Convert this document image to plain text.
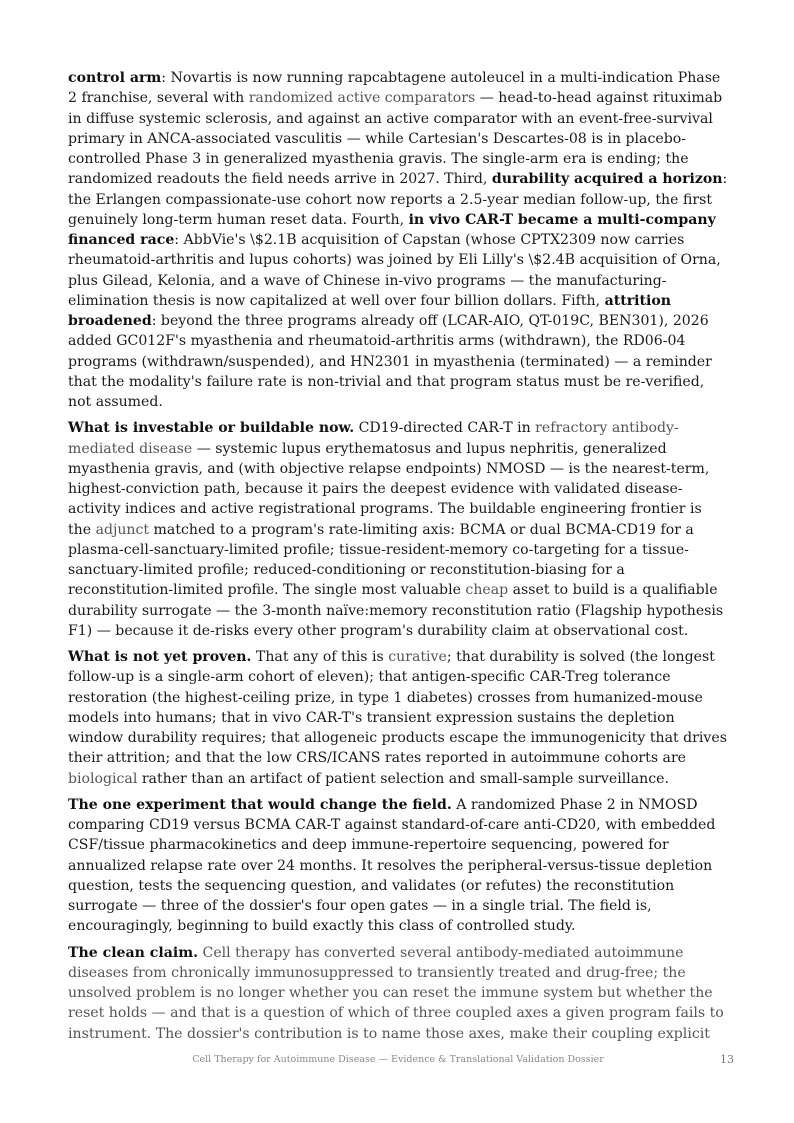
control arm: Novartis is now running rapcabtagene autoleucel in a multi-indication Phase 2 franchise, several with randomized active comparators — head-to-head against rituximab in diffuse systemic sclerosis, and against an active comparator with an event-free-survival primary in ANCA-associated vasculitis — while Cartesian's Descartes-08 is in placebo-controlled Phase 3 in generalized myasthenia gravis. The single-arm era is ending; the randomized readouts the field needs arrive in 2027. Third, durability acquired a horizon: the Erlangen compassionate-use cohort now reports a 2.5-year median follow-up, the first genuinely long-term human reset data. Fourth, in vivo CAR-T became a multi-company financed race: AbbVie's \$2.1B acquisition of Capstan (whose CPTX2309 now carries rheumatoid-arthritis and lupus cohorts) was joined by Eli Lilly's \$2.4B acquisition of Orna, plus Gilead, Kelonia, and a wave of Chinese in-vivo programs — the manufacturing-elimination thesis is now capitalized at well over four billion dollars. Fifth, attrition broadened: beyond the three programs already off (LCAR-AIO, QT-019C, BEN301), 2026 added GC012F's myasthenia and rheumatoid-arthritis arms (withdrawn), the RD06-04 programs (withdrawn/suspended), and HN2301 in myasthenia (terminated) — a reminder that the modality's failure rate is non-trivial and that program status must be re-verified, not assumed.

What is investable or buildable now. CD19-directed CAR-T in refractory antibody-mediated disease — systemic lupus erythematosus and lupus nephritis, generalized myasthenia gravis, and (with objective relapse endpoints) NMOSD — is the nearest-term, highest-conviction path, because it pairs the deepest evidence with validated disease-activity indices and active registrational programs. The buildable engineering frontier is the adjunct matched to a program's rate-limiting axis: BCMA or dual BCMA-CD19 for a plasma-cell-sanctuary-limited profile; tissue-resident-memory co-targeting for a tissue-sanctuary-limited profile; reduced-conditioning or reconstitution-biasing for a reconstitution-limited profile. The single most valuable cheap asset to build is a qualifiable durability surrogate — the 3-month naïve:memory reconstitution ratio (Flagship hypothesis F1) — because it de-risks every other program's durability claim at observational cost.

What is not yet proven. That any of this is curative; that durability is solved (the longest follow-up is a single-arm cohort of eleven); that antigen-specific CAR-Treg tolerance restoration (the highest-ceiling prize, in type 1 diabetes) crosses from humanized-mouse models into humans; that in vivo CAR-T's transient expression sustains the depletion window durability requires; that allogeneic products escape the immunogenicity that drives their attrition; and that the low CRS/ICANS rates reported in autoimmune cohorts are biological rather than an artifact of patient selection and small-sample surveillance.

The one experiment that would change the field. A randomized Phase 2 in NMOSD comparing CD19 versus BCMA CAR-T against standard-of-care anti-CD20, with embedded CSF/tissue pharmacokinetics and deep immune-repertoire sequencing, powered for annualized relapse rate over 24 months. It resolves the peripheral-versus-tissue depletion question, tests the sequencing question, and validates (or refutes) the reconstitution surrogate — three of the dossier's four open gates — in a single trial. The field is, encouragingly, beginning to build exactly this class of controlled study.

The clean claim. Cell therapy has converted several antibody-mediated autoimmune diseases from chronically immunosuppressed to transiently treated and drug-free; the unsolved problem is no longer whether you can reset the immune system but whether the reset holds — and that is a question of which of three coupled axes a given program fails to instrument. The dossier's contribution is to name those axes, make their coupling explicit

Cell Therapy for Autoimmune Disease — Evidence & Translational Validation Dossier	13
